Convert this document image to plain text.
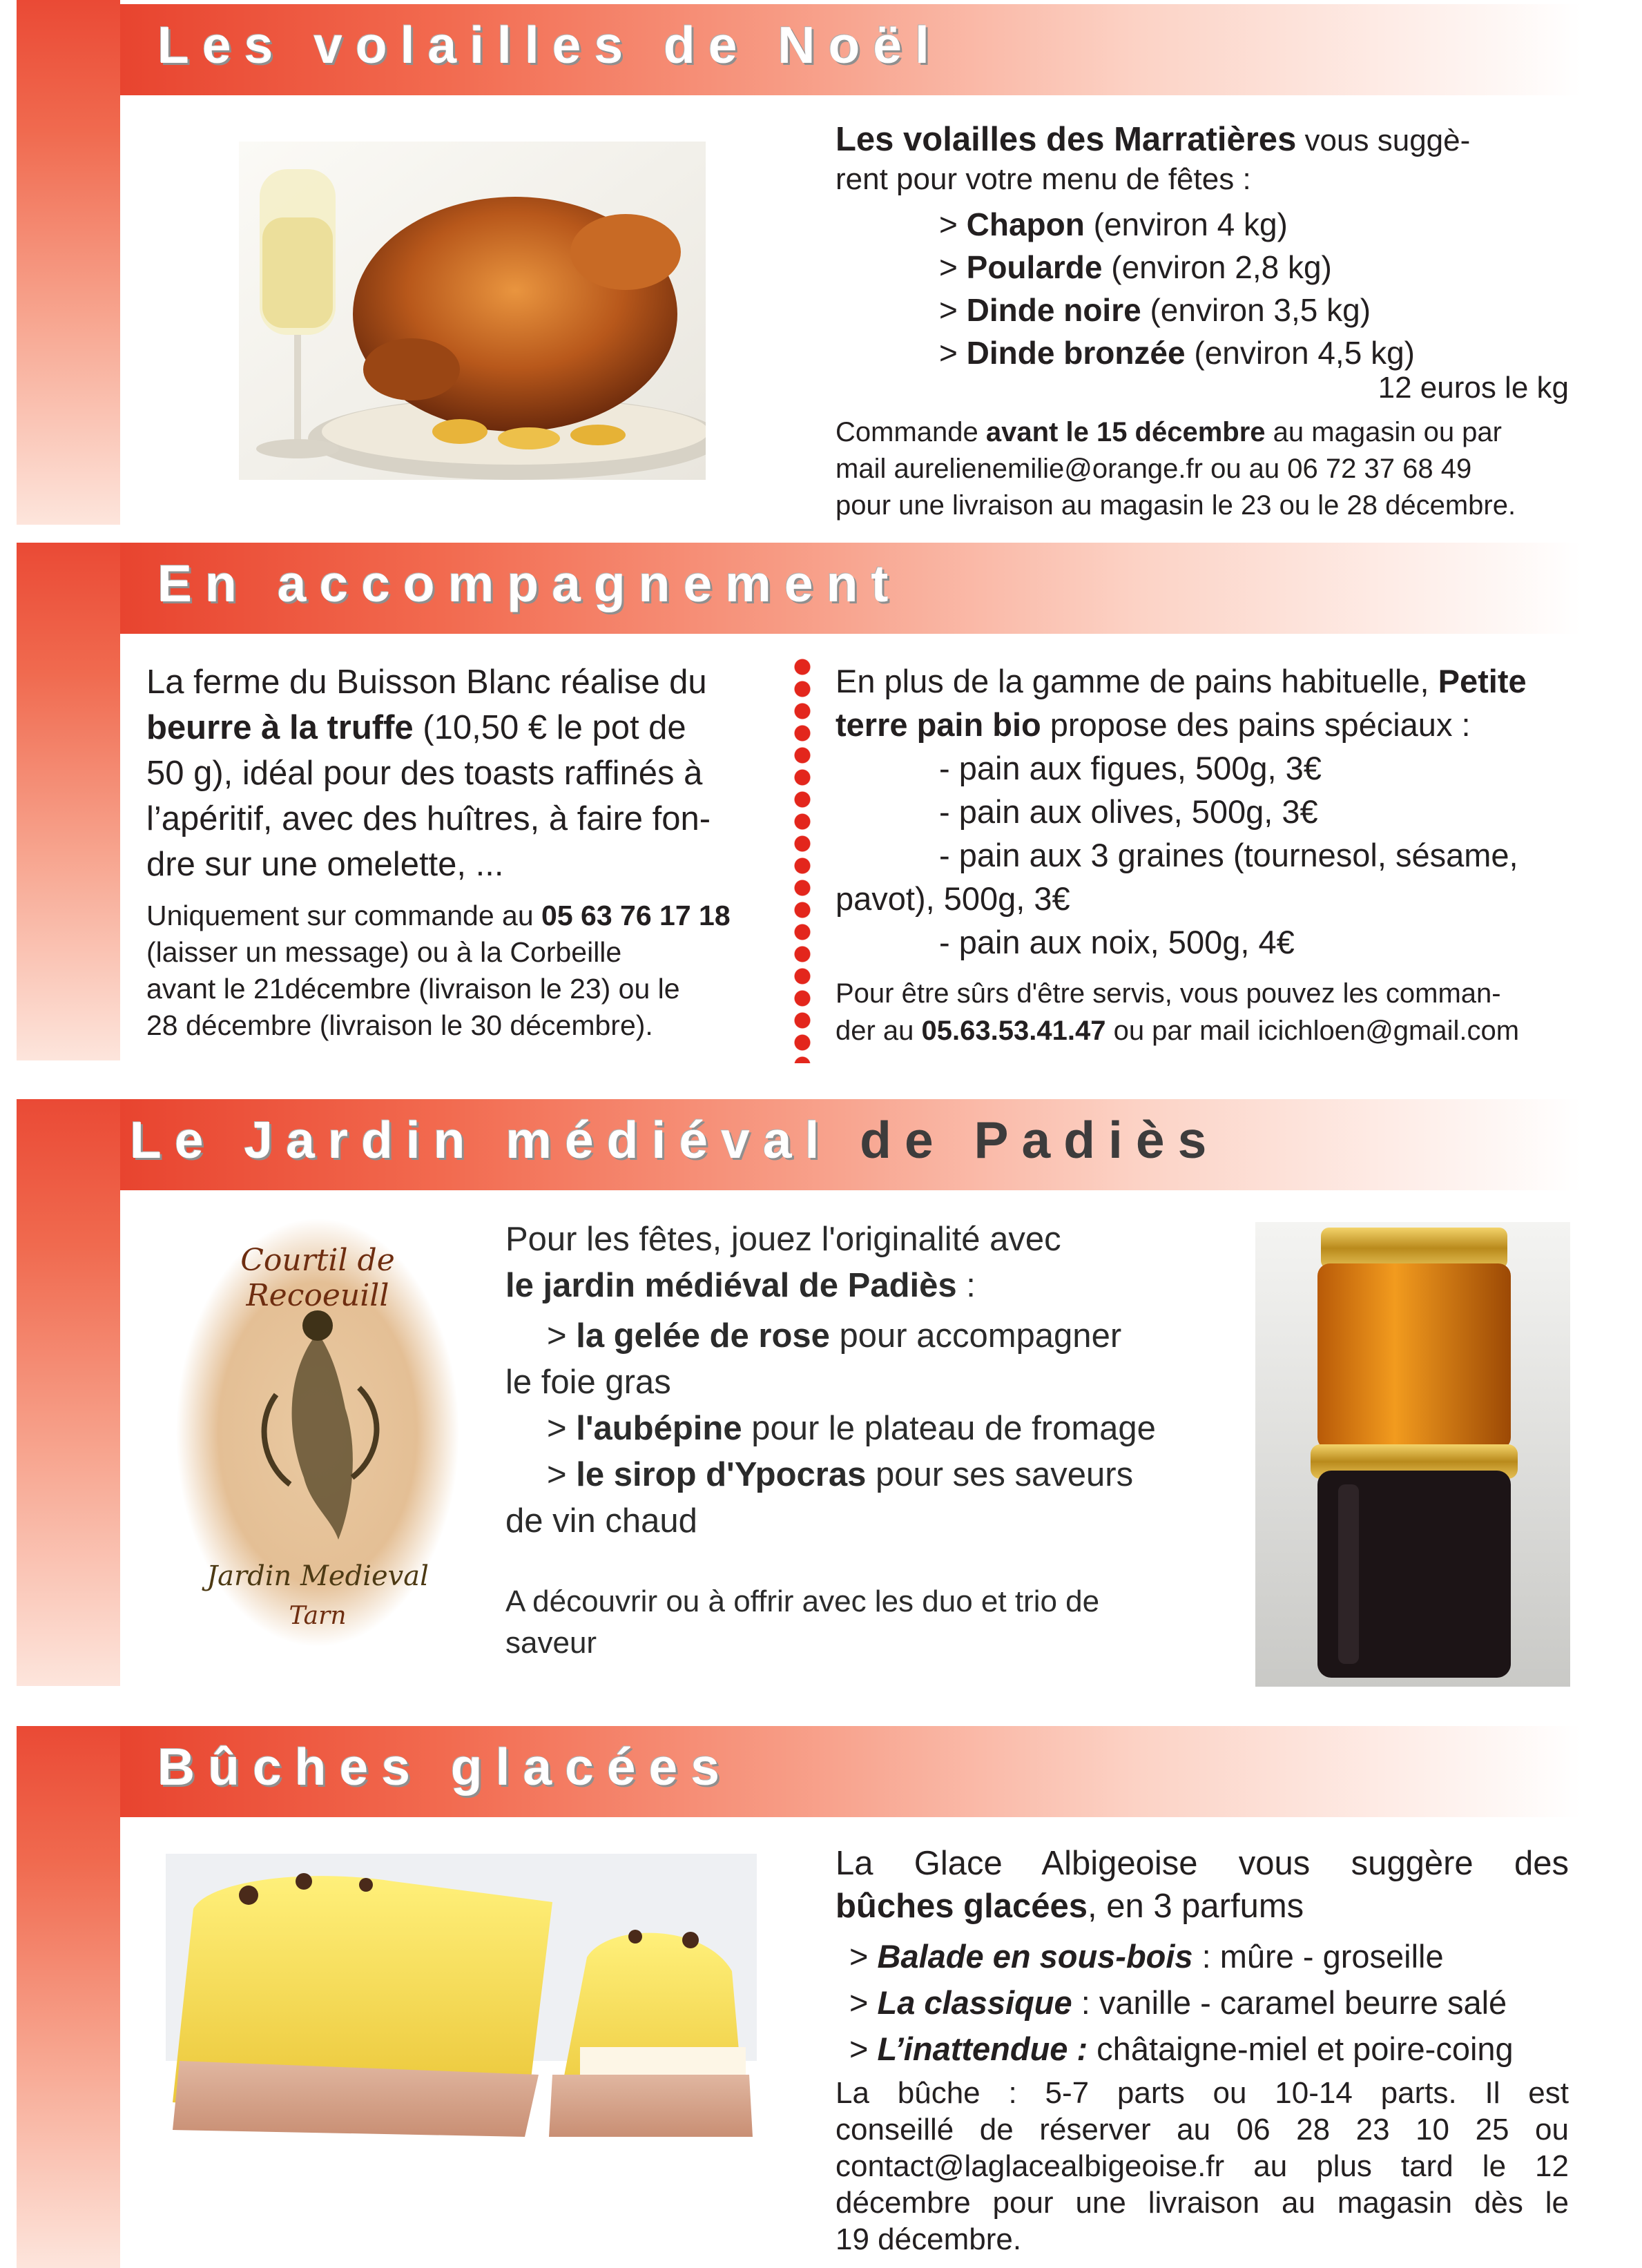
Les volailles de Noël
Les volailles des Marratières vous suggè-
rent pour votre menu de fêtes :

> Chapon (environ 4 kg)

> Poularde (environ 2,8 kg)

> Dinde noire (environ 3,5 kg)

> Dinde bronzée (environ 4,5 kg)

12 euros le kg

Commande avant le 15 décembre au magasin ou par

mail aurelienemilie@orange.fr ou au 06 72 37 68 49

pour une livraison au magasin le 23 ou le 28 décembre.

En accompagnement

La ferme du Buisson Blanc réalise du

beurre à la truffe (10,50 € le pot de

50 g), idéal pour des toasts raffinés à

l’apéritif, avec des huîtres, à faire fon-

dre sur une omelette, ...

Uniquement sur commande au 05 63 76 17 18

(laisser un message) ou à la Corbeille

avant le 21décembre (livraison le 23) ou le

28 décembre (livraison le 30 décembre).

En plus de la gamme de pains habituelle, Petite

terre pain bio propose des pains spéciaux :

- pain aux figues, 500g, 3€

- pain aux olives, 500g, 3€

- pain aux 3 graines (tournesol, sésame,

pavot), 500g, 3€

- pain aux noix, 500g, 4€

Pour être sûrs d'être servis, vous pouvez les comman-

der au 05.63.53.41.47 ou par mail icichloen@gmail.com

Le Jardin médiéval de Padiès
Courtil de Recoeuill
Jardin Medieval
Tarn

Pour les fêtes, jouez l'originalité avec

le jardin médiéval de Padiès :

> la gelée de rose pour accompagner

le foie gras

> l'aubépine pour le plateau de fromage

> le sirop d'Ypocras pour ses saveurs

de vin chaud

A découvrir ou à offrir avec les duo et trio de

saveur

Bûches glacées

La Glace Albigeoise vous suggère des

bûches glacées, en 3 parfums

> Balade en sous-bois : mûre - groseille

> La classique : vanille - caramel beurre salé

> L’inattendue : châtaigne-miel et poire-coing

La bûche : 5-7 parts ou 10-14 parts. Il est

conseillé de réserver au 06 28 23 10 25 ou

contact@laglacealbigeoise.fr au plus tard le 12

décembre pour une livraison au magasin dès le

19 décembre.
